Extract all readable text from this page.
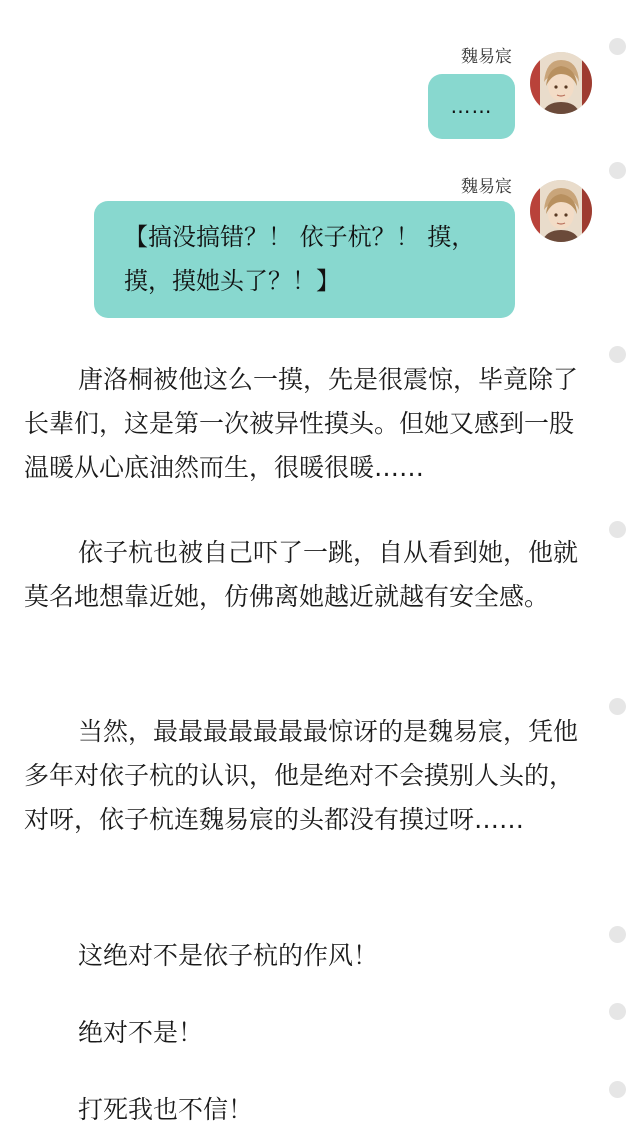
魏易宸
……
魏易宸
【搞没搞错？！ 依子杭？！ 摸，摸，摸她头了？！】

唐洛桐被他这么一摸，先是很震惊，毕竟除了长辈们，这是第一次被异性摸头。但她又感到一股温暖从心底油然而生，很暖很暖……

依子杭也被自己吓了一跳，自从看到她，他就莫名地想靠近她，仿佛离她越近就越有安全感。

当然，最最最最最最最惊讶的是魏易宸，凭他多年对依子杭的认识，他是绝对不会摸别人头的，对呀，依子杭连魏易宸的头都没有摸过呀……

这绝对不是依子杭的作风！

绝对不是！

打死我也不信！
